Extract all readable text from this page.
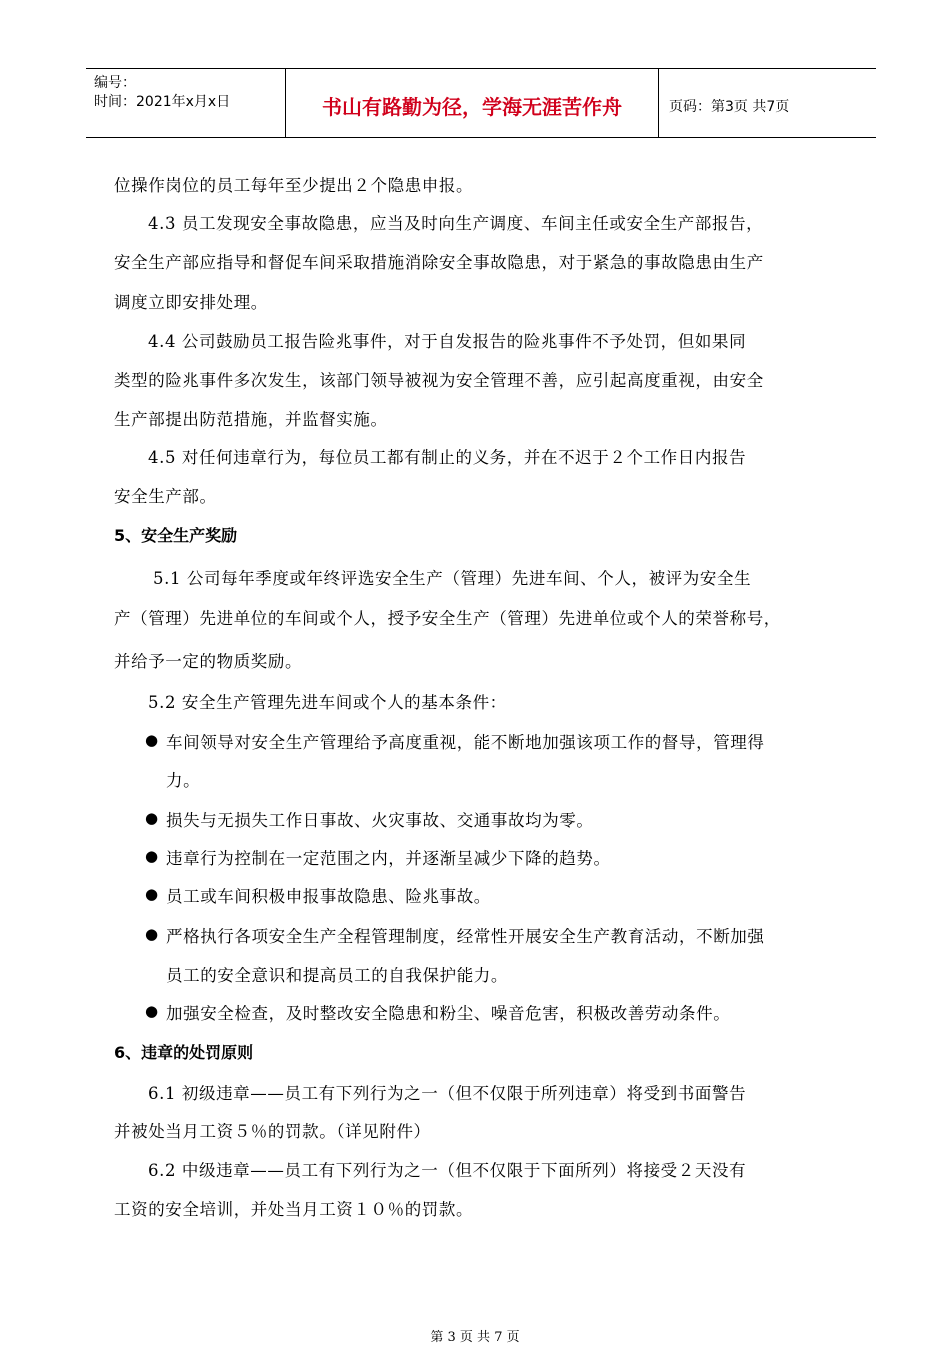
编号：
时间：2021年x月x日	书山有路勤为径，学海无涯苦作舟	页码：第3页 共7页
位操作岗位的员工每年至少提出２个隐患申报。
4.3 员工发现安全事故隐患，应当及时向生产调度、车间主任或安全生产部报告，
安全生产部应指导和督促车间采取措施消除安全事故隐患，对于紧急的事故隐患由生产
调度立即安排处理。
4.4 公司鼓励员工报告险兆事件，对于自发报告的险兆事件不予处罚，但如果同
类型的险兆事件多次发生，该部门领导被视为安全管理不善，应引起高度重视，由安全
生产部提出防范措施，并监督实施。
4.5 对任何违章行为，每位员工都有制止的义务，并在不迟于２个工作日内报告
安全生产部。
5、安全生产奖励
5.1 公司每年季度或年终评选安全生产（管理）先进车间、个人，被评为安全生
产（管理）先进单位的车间或个人，授予安全生产（管理）先进单位或个人的荣誉称号，
并给予一定的物质奖励。
5.2 安全生产管理先进车间或个人的基本条件：
● 车间领导对安全生产管理给予高度重视，能不断地加强该项工作的督导，管理得
力。
● 损失与无损失工作日事故、火灾事故、交通事故均为零。
● 违章行为控制在一定范围之内，并逐渐呈减少下降的趋势。
● 员工或车间积极申报事故隐患、险兆事故。
● 严格执行各项安全生产全程管理制度，经常性开展安全生产教育活动，不断加强
员工的安全意识和提高员工的自我保护能力。
● 加强安全检查，及时整改安全隐患和粉尘、噪音危害，积极改善劳动条件。
6、违章的处罚原则
6.1 初级违章——员工有下列行为之一（但不仅限于所列违章）将受到书面警告
并被处当月工资５％的罚款。（详见附件）
6.2 中级违章——员工有下列行为之一（但不仅限于下面所列）将接受２天没有
工资的安全培训，并处当月工资１０％的罚款。
第 3 页 共 7 页
